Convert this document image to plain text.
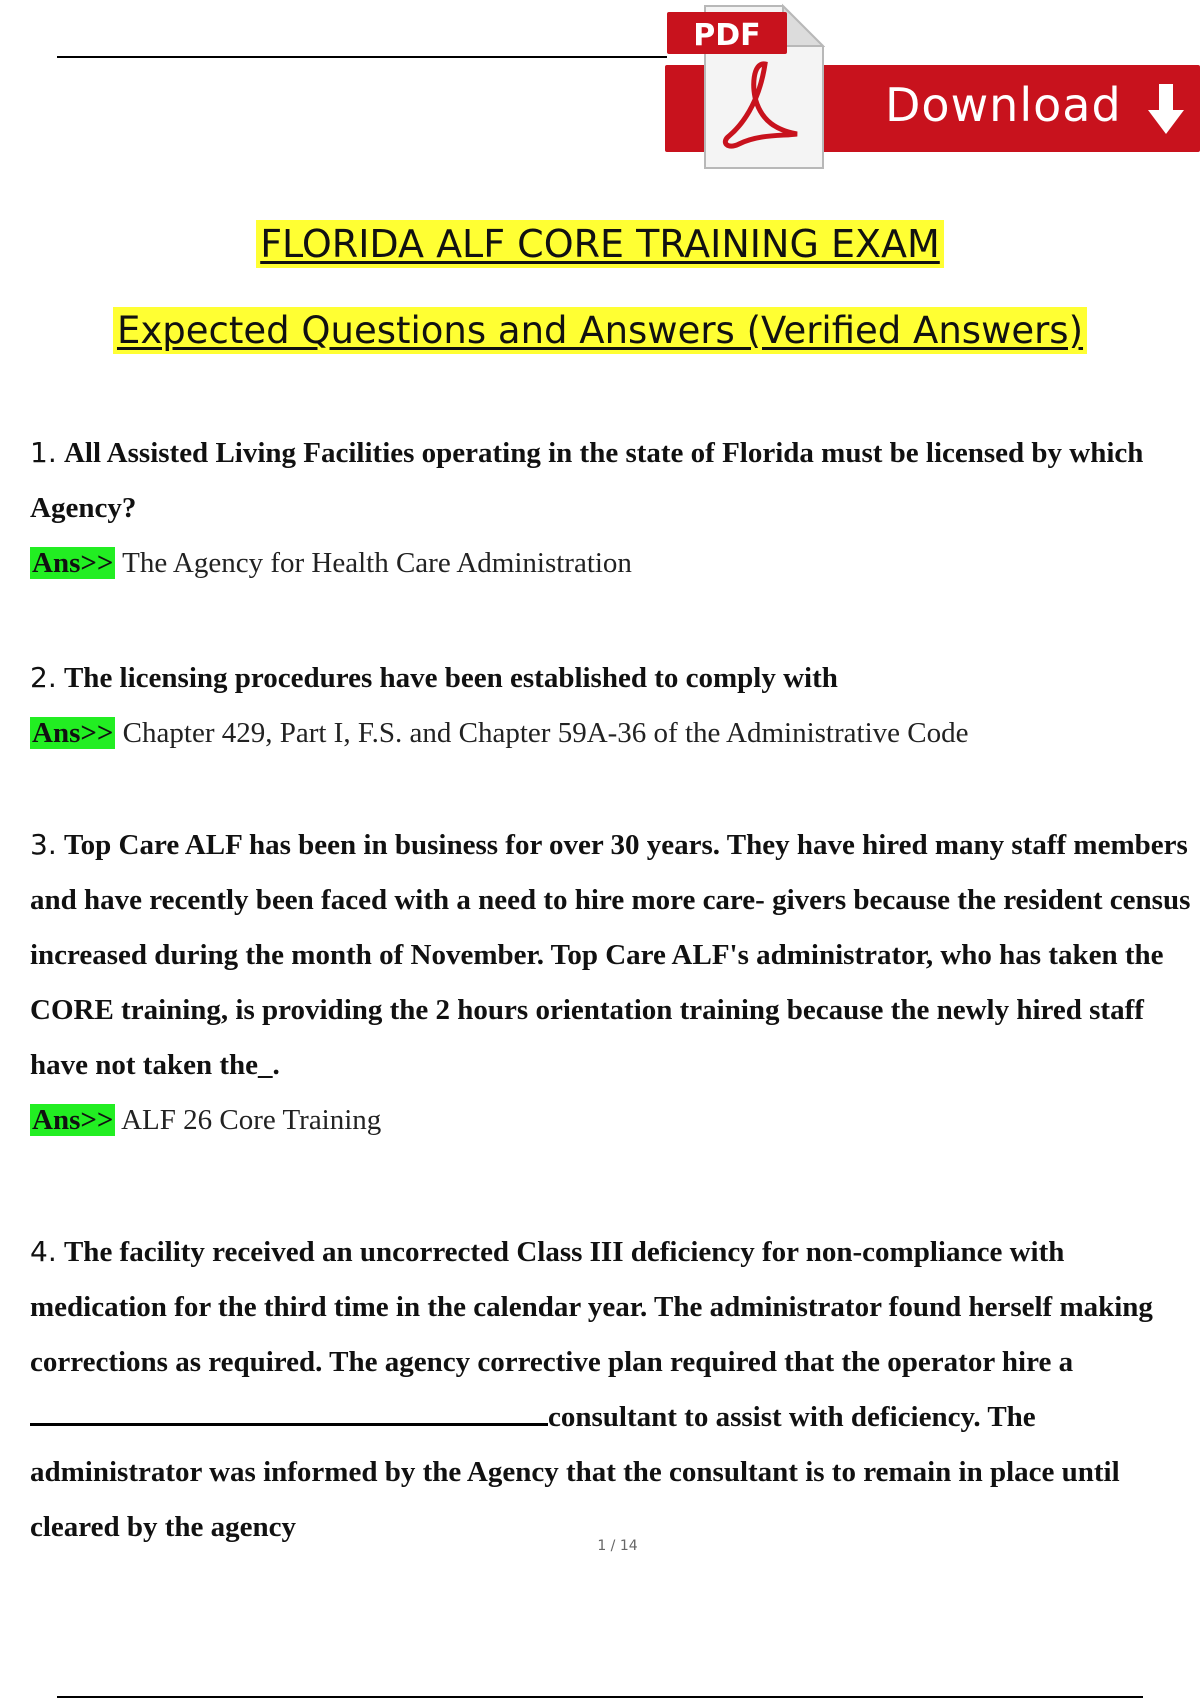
Download
PDF
FLORIDA ALF CORE TRAINING EXAM
Expected Questions and Answers (Verified Answers)
1. All Assisted Living Facilities operating in the state of Florida must be licensed by which Agency?
Ans>> The Agency for Health Care Administration
2. The licensing procedures have been established to comply with
Ans>> Chapter 429, Part I, F.S. and Chapter 59A-36 of the Administrative Code
3. Top Care ALF has been in business for over 30 years. They have hired many staff members and have recently been faced with a need to hire more care- givers because the resident census increased during the month of November. Top Care ALF's administrator, who has taken the CORE training, is providing the 2 hours orientation training because the newly hired staff have not taken the_.
Ans>> ALF 26 Core Training
4. The facility received an uncorrected Class III deficiency for non-compliance with medication for the third time in the calendar year. The administrator found herself making corrections as required. The agency corrective plan required that the operator hire aconsultant to assist with deficiency. The administrator was informed by the Agency that the consultant is to remain in place until cleared by the agency
1 / 14
